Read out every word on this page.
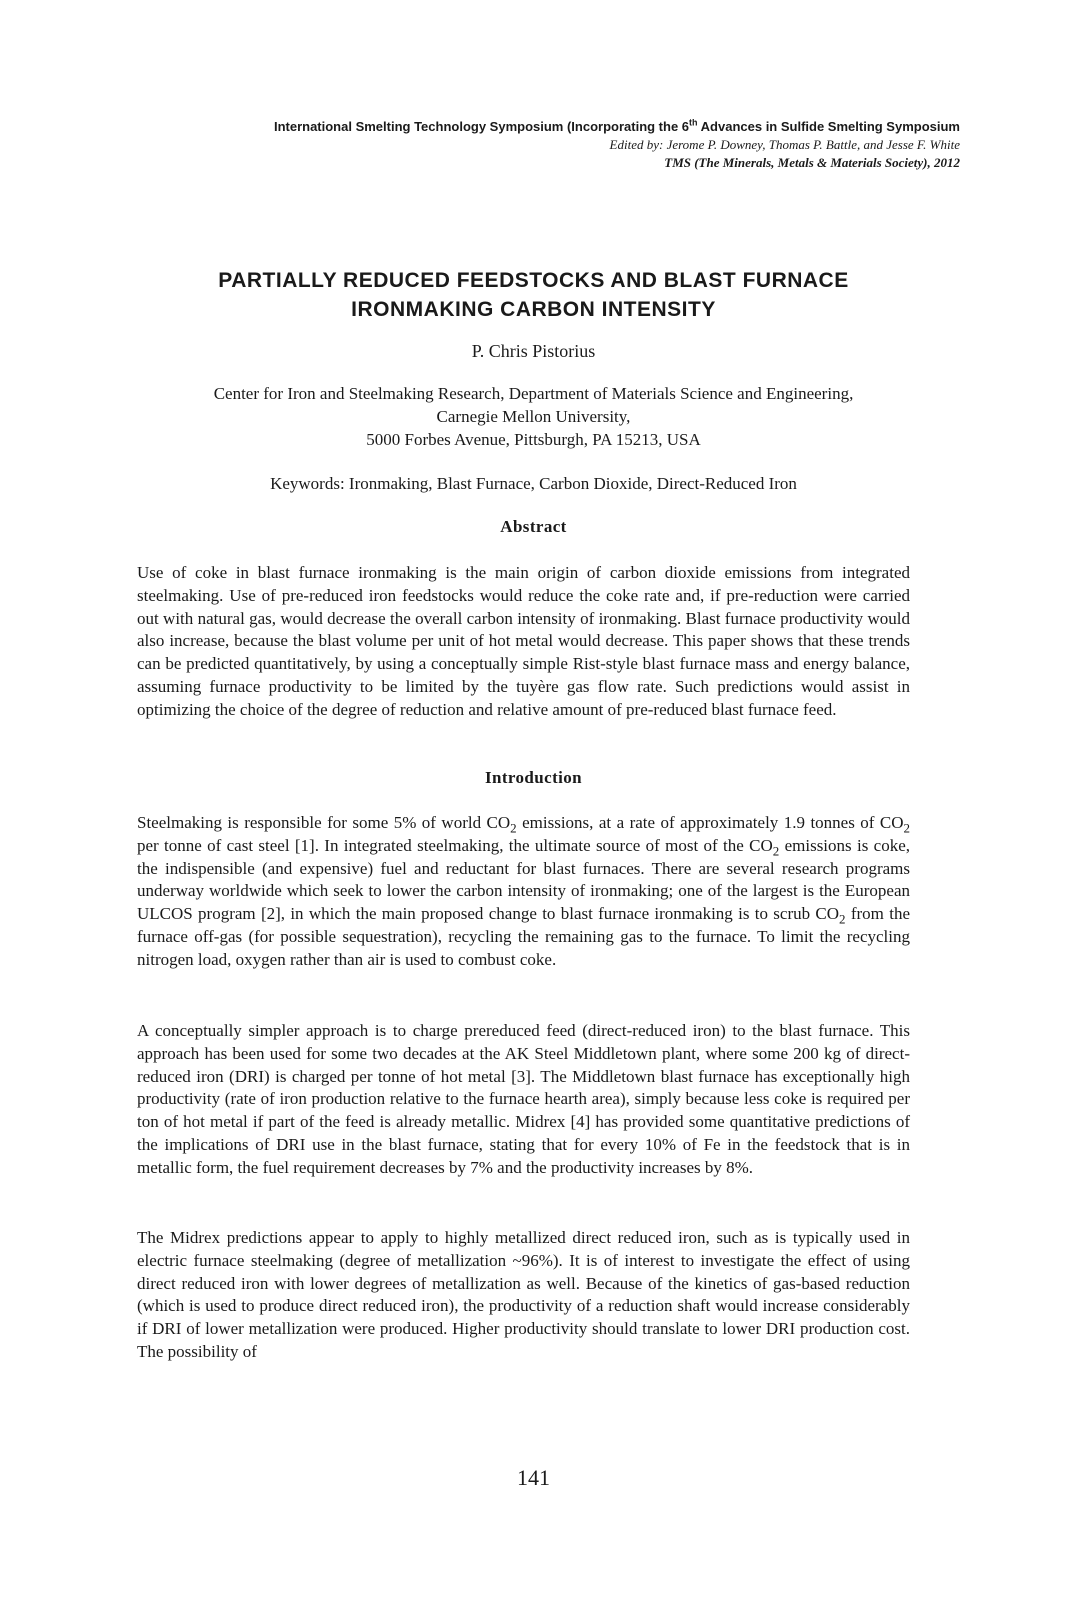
International Smelting Technology Symposium (Incorporating the 6th Advances in Sulfide Smelting Symposium
Edited by: Jerome P. Downey, Thomas P. Battle, and Jesse F. White
TMS (The Minerals, Metals & Materials Society), 2012
PARTIALLY REDUCED FEEDSTOCKS AND BLAST FURNACE
IRONMAKING CARBON INTENSITY
P. Chris Pistorius
Center for Iron and Steelmaking Research, Department of Materials Science and Engineering,
Carnegie Mellon University,
5000 Forbes Avenue, Pittsburgh, PA 15213, USA
Keywords: Ironmaking, Blast Furnace, Carbon Dioxide, Direct-Reduced Iron
Abstract
Use of coke in blast furnace ironmaking is the main origin of carbon dioxide emissions from integrated steelmaking. Use of pre-reduced iron feedstocks would reduce the coke rate and, if pre-reduction were carried out with natural gas, would decrease the overall carbon intensity of ironmaking. Blast furnace productivity would also increase, because the blast volume per unit of hot metal would decrease. This paper shows that these trends can be predicted quantitatively, by using a conceptually simple Rist-style blast furnace mass and energy balance, assuming furnace productivity to be limited by the tuyère gas flow rate. Such predictions would assist in optimizing the choice of the degree of reduction and relative amount of pre-reduced blast furnace feed.
Introduction
Steelmaking is responsible for some 5% of world $CO_2$ emissions, at a rate of approximately 1.9 tonnes of $CO_2$ per tonne of cast steel [1]. In integrated steelmaking, the ultimate source of most of the $CO_2$ emissions is coke, the indispensible (and expensive) fuel and reductant for blast furnaces. There are several research programs underway worldwide which seek to lower the carbon intensity of ironmaking; one of the largest is the European ULCOS program [2], in which the main proposed change to blast furnace ironmaking is to scrub $CO_2$ from the furnace off-gas (for possible sequestration), recycling the remaining gas to the furnace. To limit the recycling nitrogen load, oxygen rather than air is used to combust coke.
A conceptually simpler approach is to charge prereduced feed (direct-reduced iron) to the blast furnace. This approach has been used for some two decades at the AK Steel Middletown plant, where some 200 kg of direct-reduced iron (DRI) is charged per tonne of hot metal [3]. The Middletown blast furnace has exceptionally high productivity (rate of iron production relative to the furnace hearth area), simply because less coke is required per ton of hot metal if part of the feed is already metallic. Midrex [4] has provided some quantitative predictions of the implications of DRI use in the blast furnace, stating that for every 10% of Fe in the feedstock that is in metallic form, the fuel requirement decreases by 7% and the productivity increases by 8%.
The Midrex predictions appear to apply to highly metallized direct reduced iron, such as is typically used in electric furnace steelmaking (degree of metallization ~96%). It is of interest to investigate the effect of using direct reduced iron with lower degrees of metallization as well. Because of the kinetics of gas-based reduction (which is used to produce direct reduced iron), the productivity of a reduction shaft would increase considerably if DRI of lower metallization were produced. Higher productivity should translate to lower DRI production cost. The possibility of
141
